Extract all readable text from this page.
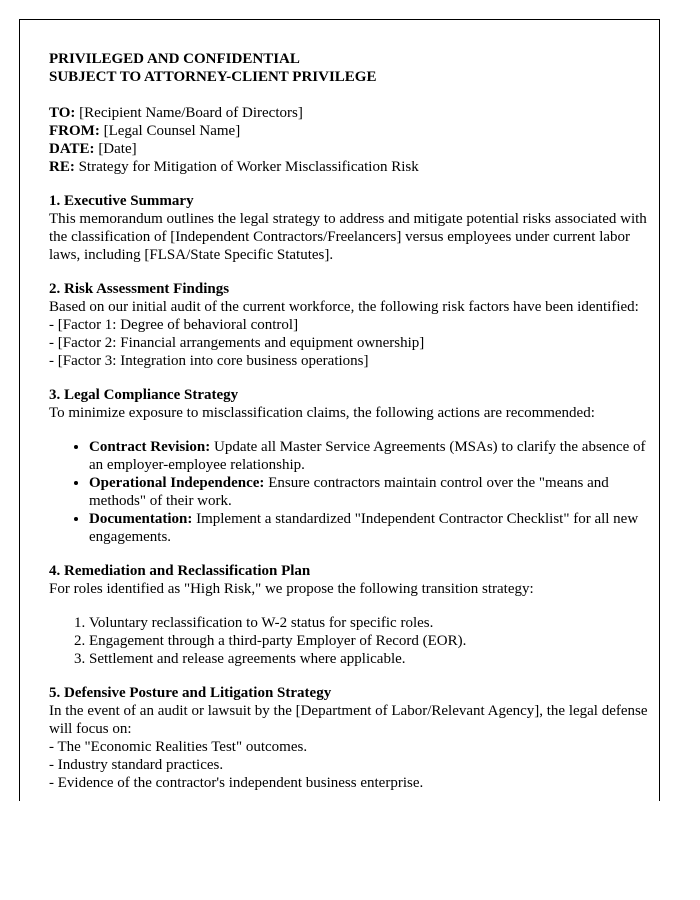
PRIVILEGED AND CONFIDENTIAL
SUBJECT TO ATTORNEY-CLIENT PRIVILEGE
TO: [Recipient Name/Board of Directors]
FROM: [Legal Counsel Name]
DATE: [Date]
RE: Strategy for Mitigation of Worker Misclassification Risk
1. Executive Summary

This memorandum outlines the legal strategy to address and mitigate potential risks associated with the classification of [Independent Contractors/Freelancers] versus employees under current labor laws, including [FLSA/State Specific Statutes].

2. Risk Assessment Findings

Based on our initial audit of the current workforce, the following risk factors have been identified:

- [Factor 1: Degree of behavioral control]
- [Factor 2: Financial arrangements and equipment ownership]
- [Factor 3: Integration into core business operations]
3. Legal Compliance Strategy

To minimize exposure to misclassification claims, the following actions are recommended:

• Contract Revision: Update all Master Service Agreements (MSAs) to clarify the absence of an employer-employee relationship.
• Operational Independence: Ensure contractors maintain control over the "means and methods" of their work.
• Documentation: Implement a standardized "Independent Contractor Checklist" for all new engagements.
4. Remediation and Reclassification Plan

For roles identified as "High Risk," we propose the following transition strategy:

1. Voluntary reclassification to W-2 status for specific roles.
2. Engagement through a third-party Employer of Record (EOR).
3. Settlement and release agreements where applicable.
5. Defensive Posture and Litigation Strategy

In the event of an audit or lawsuit by the [Department of Labor/Relevant Agency], the legal defense will focus on:

- The "Economic Realities Test" outcomes.
- Industry standard practices.
- Evidence of the contractor's independent business enterprise.
